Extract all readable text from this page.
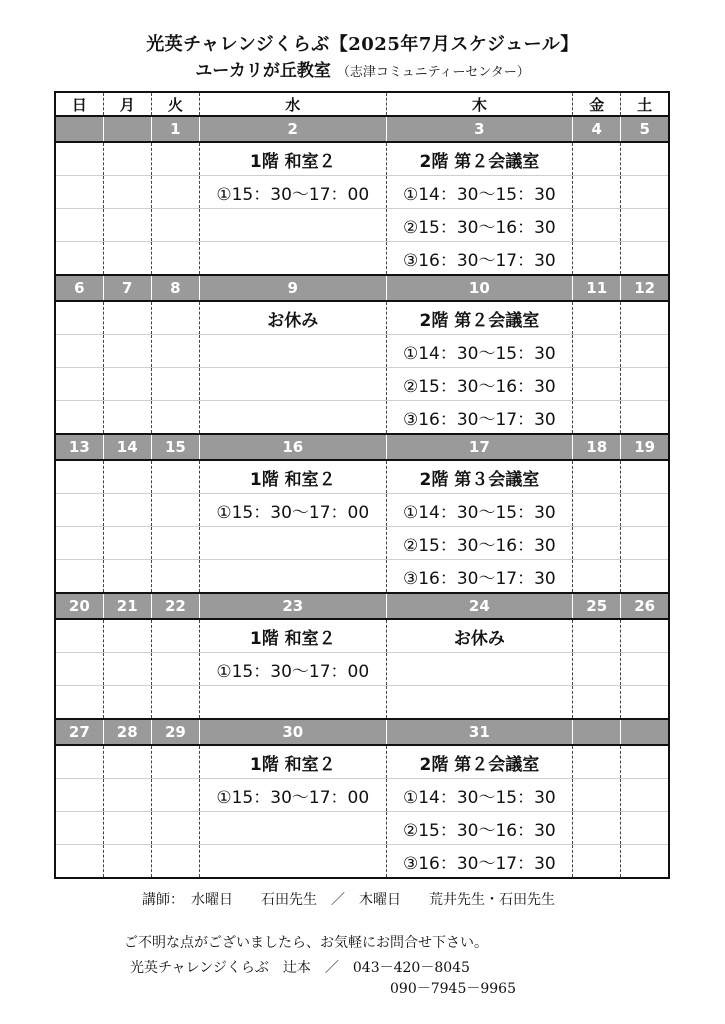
光英チャレンジくらぶ【2025年7月スケジュール】
ユーカリが丘教室 （志津コミュニティーセンター）
日	月	火	水	木	金	土
		1	2	3	4	5
			1階 和室２	2階 第２会議室		
			①15：30〜17：00	①14：30〜15：30		
				②15：30〜16：30		
				③16：30〜17：30		
6	7	8	9	10	11	12
			お休み	2階 第２会議室		
				①14：30〜15：30		
				②15：30〜16：30		
				③16：30〜17：30		
13	14	15	16	17	18	19
			1階 和室２	2階 第３会議室		
			①15：30〜17：00	①14：30〜15：30		
				②15：30〜16：30		
				③16：30〜17：30		
20	21	22	23	24	25	26
			1階 和室２	お休み		
			①15：30〜17：00			

27	28	29	30	31		
			1階 和室２	2階 第２会議室		
			①15：30〜17：00	①14：30〜15：30		
				②15：30〜16：30		
				③16：30〜17：30		
講師：　水曜日　　石田先生　／　木曜日　　荒井先生・石田先生
ご不明な点がございましたら、お気軽にお問合せ下さい。
光英チャレンジくらぶ　辻本　／　043－420－8045
090－7945－9965
